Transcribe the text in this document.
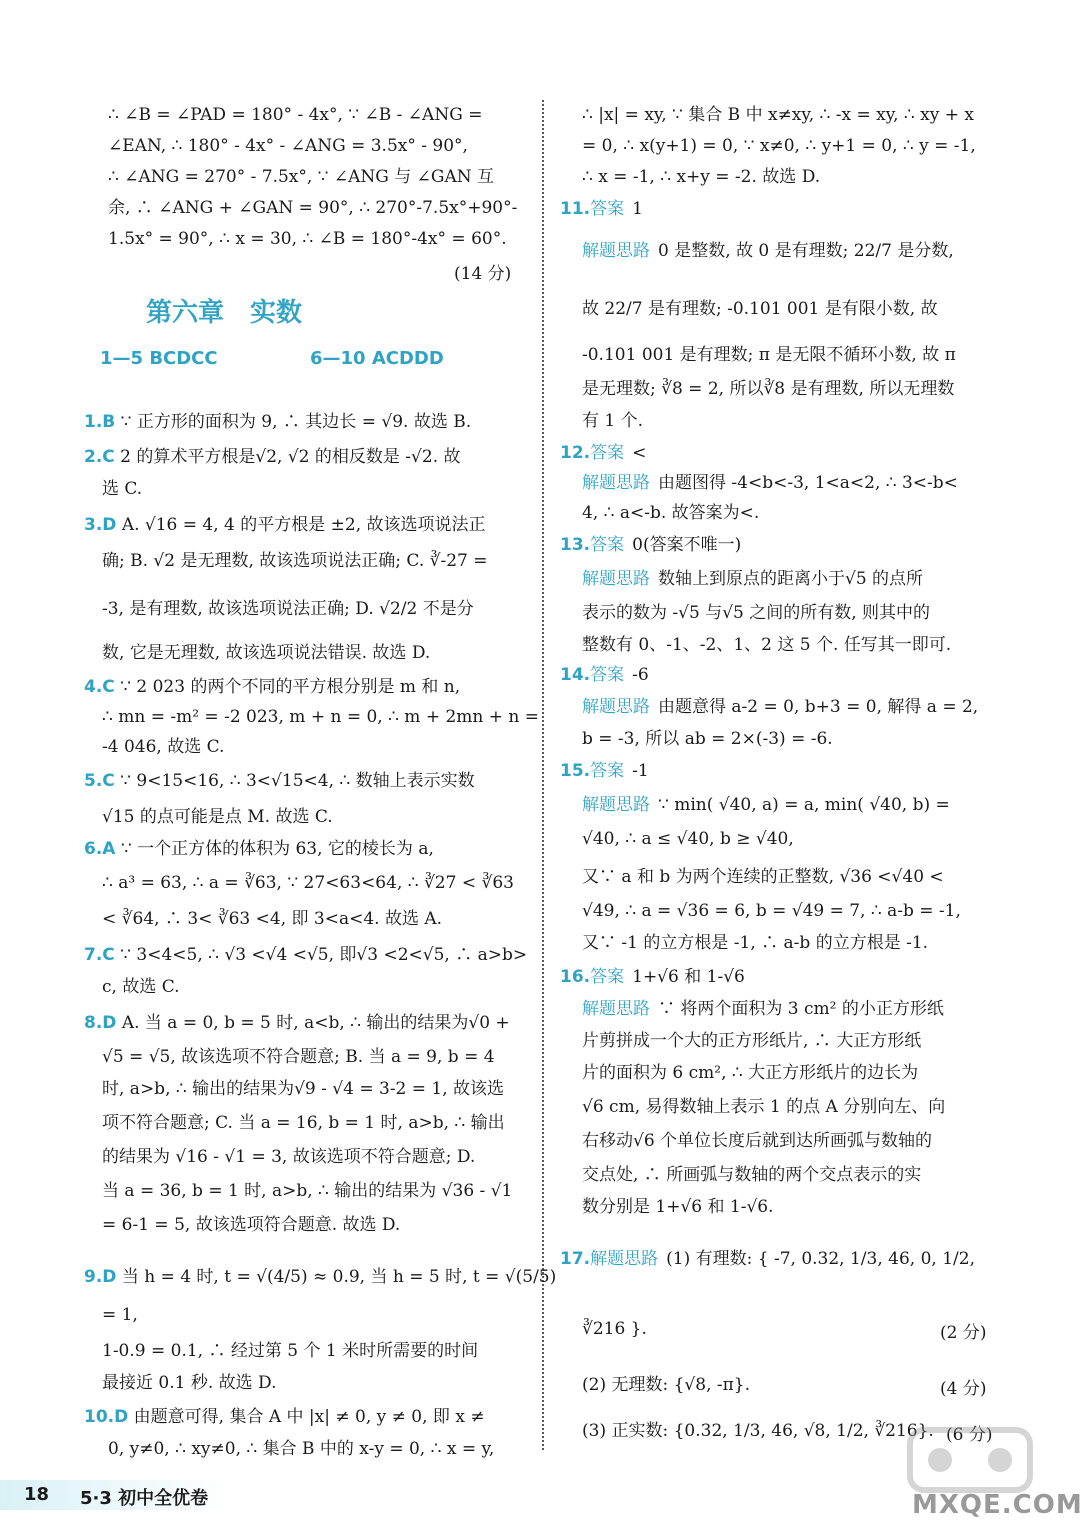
∴ ∠B = ∠PAD = 180° - 4x°, ∵ ∠B - ∠ANG =
∠EAN, ∴ 180° - 4x° - ∠ANG = 3.5x° - 90°,
∴ ∠ANG = 270° - 7.5x°, ∵ ∠ANG 与 ∠GAN 互
余, ∴ ∠ANG + ∠GAN = 90°, ∴ 270°-7.5x°+90°-
1.5x° = 90°, ∴ x = 30, ∴ ∠B = 180°-4x° = 60°.
(14 分)
第六章　实数
1—5 BCDCC	6—10 ACDDD
1.B ∵ 正方形的面积为 9, ∴ 其边长 = √9. 故选 B.
2.C 2 的算术平方根是√2, √2 的相反数是 -√2. 故
选 C.
3.D A. √16 = 4, 4 的平方根是 ±2, 故该选项说法正
确; B. √2 是无理数, 故该选项说法正确; C. ∛-27 =
-3, 是有理数, 故该选项说法正确; D. √2/2 不是分
数, 它是无理数, 故该选项说法错误. 故选 D.
4.C ∵ 2 023 的两个不同的平方根分别是 m 和 n,
∴ mn = -m² = -2 023, m + n = 0, ∴ m + 2mn + n =
-4 046, 故选 C.
5.C ∵ 9<15<16, ∴ 3<√15<4, ∴ 数轴上表示实数
√15 的点可能是点 M. 故选 C.
6.A ∵ 一个正方体的体积为 63, 它的棱长为 a,
∴ a³ = 63, ∴ a = ∛63, ∵ 27<63<64, ∴ ∛27 < ∛63
< ∛64, ∴ 3< ∛63 <4, 即 3<a<4. 故选 A.
7.C ∵ 3<4<5, ∴ √3 <√4 <√5, 即√3 <2<√5, ∴ a>b>
c, 故选 C.
8.D A. 当 a = 0, b = 5 时, a<b, ∴ 输出的结果为√0 +
√5 = √5, 故该选项不符合题意; B. 当 a = 9, b = 4
时, a>b, ∴ 输出的结果为√9 - √4 = 3-2 = 1, 故该选
项不符合题意; C. 当 a = 16, b = 1 时, a>b, ∴ 输出
的结果为 √16 - √1 = 3, 故该选项不符合题意; D.
当 a = 36, b = 1 时, a>b, ∴ 输出的结果为 √36 - √1
= 6-1 = 5, 故该选项符合题意. 故选 D.
9.D 当 h = 4 时, t = √(4/5) ≈ 0.9, 当 h = 5 时, t = √(5/5)
= 1,
1-0.9 = 0.1, ∴ 经过第 5 个 1 米时所需要的时间
最接近 0.1 秒. 故选 D.
10.D 由题意可得, 集合 A 中 |x| ≠ 0, y ≠ 0, 即 x ≠
0, y≠0, ∴ xy≠0, ∴ 集合 B 中的 x-y = 0, ∴ x = y,
∴ |x| = xy, ∵ 集合 B 中 x≠xy, ∴ -x = xy, ∴ xy + x
= 0, ∴ x(y+1) = 0, ∵ x≠0, ∴ y+1 = 0, ∴ y = -1,
∴ x = -1, ∴ x+y = -2. 故选 D.
11.答案 1
解题思路 0 是整数, 故 0 是有理数; 22/7 是分数,
故 22/7 是有理数; -0.101 001 是有限小数, 故
-0.101 001 是有理数; π 是无限不循环小数, 故 π
是无理数; ∛8 = 2, 所以∛8 是有理数, 所以无理数
有 1 个.
12.答案 <
解题思路 由题图得 -4<b<-3, 1<a<2, ∴ 3<-b<
4, ∴ a<-b. 故答案为<.
13.答案 0(答案不唯一)
解题思路 数轴上到原点的距离小于√5 的点所
表示的数为 -√5 与√5 之间的所有数, 则其中的
整数有 0、-1、-2、1、2 这 5 个. 任写其一即可.
14.答案 -6
解题思路 由题意得 a-2 = 0, b+3 = 0, 解得 a = 2,
b = -3, 所以 ab = 2×(-3) = -6.
15.答案 -1
解题思路 ∵ min( √40, a) = a, min( √40, b) =
√40, ∴ a ≤ √40, b ≥ √40,
又∵ a 和 b 为两个连续的正整数, √36 <√40 <
√49, ∴ a = √36 = 6, b = √49 = 7, ∴ a-b = -1,
又∵ -1 的立方根是 -1, ∴ a-b 的立方根是 -1.
16.答案 1+√6 和 1-√6
解题思路 ∵ 将两个面积为 3 cm² 的小正方形纸
片剪拼成一个大的正方形纸片, ∴ 大正方形纸
片的面积为 6 cm², ∴ 大正方形纸片的边长为
√6 cm, 易得数轴上表示 1 的点 A 分别向左、向
右移动√6 个单位长度后就到达所画弧与数轴的
交点处, ∴ 所画弧与数轴的两个交点表示的实
数分别是 1+√6 和 1-√6.
17.解题思路 (1) 有理数: { -7, 0.32, 1/3, 46, 0, 1/2,
∛216 }.	(2 分)
(2) 无理数: {√8, -π}.	(4 分)
(3) 正实数: {0.32, 1/3, 46, √8, 1/2, ∛216}. (6 分)
18 5·3 初中全优卷	MXQE.COM
